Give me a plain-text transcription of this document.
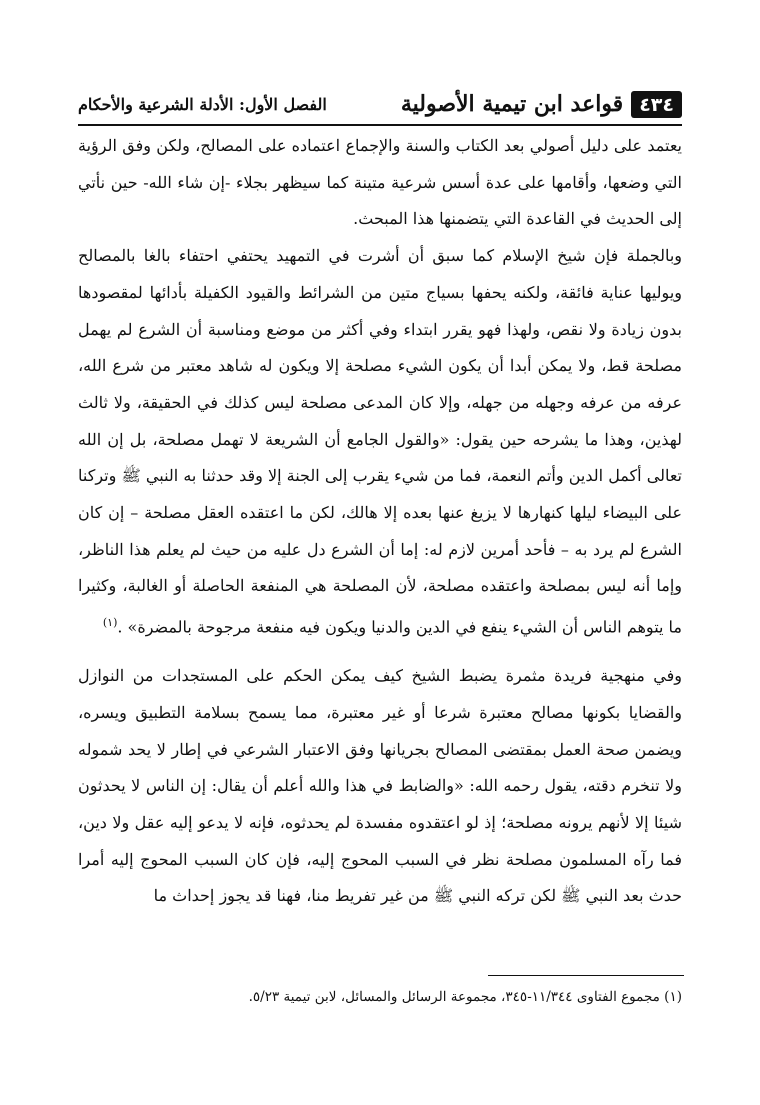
٤٣٤
قواعد ابن تيمية الأصولية
الفصل الأول: الأدلة الشرعية والأحكام

يعتمد على دليل أصولي بعد الكتاب والسنة والإجماع اعتماده على المصالح، ولكن وفق الرؤية التي وضعها، وأقامها على عدة أسس شرعية متينة كما سيظهر بجلاء -إن شاء الله- حين نأتي إلى الحديث في القاعدة التي يتضمنها هذا المبحث.

وبالجملة فإن شيخ الإسلام كما سبق أن أشرت في التمهيد يحتفي احتفاء بالغا بالمصالح ويوليها عناية فائقة، ولكنه يحفها بسياج متين من الشرائط والقيود الكفيلة بأدائها لمقصودها بدون زيادة ولا نقص، ولهذا فهو يقرر ابتداء وفي أكثر من موضع ومناسبة أن الشرع لم يهمل مصلحة قط، ولا يمكن أبدا أن يكون الشيء مصلحة إلا ويكون له شاهد معتبر من شرع الله، عرفه من عرفه وجهله من جهله، وإلا كان المدعى مصلحة ليس كذلك في الحقيقة، ولا ثالث لهذين، وهذا ما يشرحه حين يقول: «والقول الجامع أن الشريعة لا تهمل مصلحة، بل إن الله تعالى أكمل الدين وأتم النعمة، فما من شيء يقرب إلى الجنة إلا وقد حدثنا به النبي ﷺ وتركنا على البيضاء ليلها كنهارها لا يزيغ عنها بعده إلا هالك، لكن ما اعتقده العقل مصلحة – إن كان الشرع لم يرد به – فأحد أمرين لازم له: إما أن الشرع دل عليه من حيث لم يعلم هذا الناظر، وإما أنه ليس بمصلحة واعتقده مصلحة، لأن المصلحة هي المنفعة الحاصلة أو الغالبة، وكثيرا ما يتوهم الناس أن الشيء ينفع في الدين والدنيا ويكون فيه منفعة مرجوحة بالمضرة» .$^{(١)}$

وفي منهجية فريدة مثمرة يضبط الشيخ كيف يمكن الحكم على المستجدات من النوازل والقضايا بكونها مصالح معتبرة شرعا أو غير معتبرة، مما يسمح بسلامة التطبيق ويسره، ويضمن صحة العمل بمقتضى المصالح بجريانها وفق الاعتبار الشرعي في إطار لا يحد شموله ولا تنخرم دقته، يقول رحمه الله: «والضابط في هذا والله أعلم أن يقال: إن الناس لا يحدثون شيئا إلا لأنهم يرونه مصلحة؛ إذ لو اعتقدوه مفسدة لم يحدثوه، فإنه لا يدعو إليه عقل ولا دين، فما رآه المسلمون مصلحة نظر في السبب المحوج إليه، فإن كان السبب المحوج إليه أمرا حدث بعد النبي ﷺ لكن تركه النبي ﷺ من غير تفريط منا، فهنا قد يجوز إحداث ما

(١) مجموع الفتاوى ١١/٣٤٤-٣٤٥، مجموعة الرسائل والمسائل، لابن تيمية ٥/٢٣.
